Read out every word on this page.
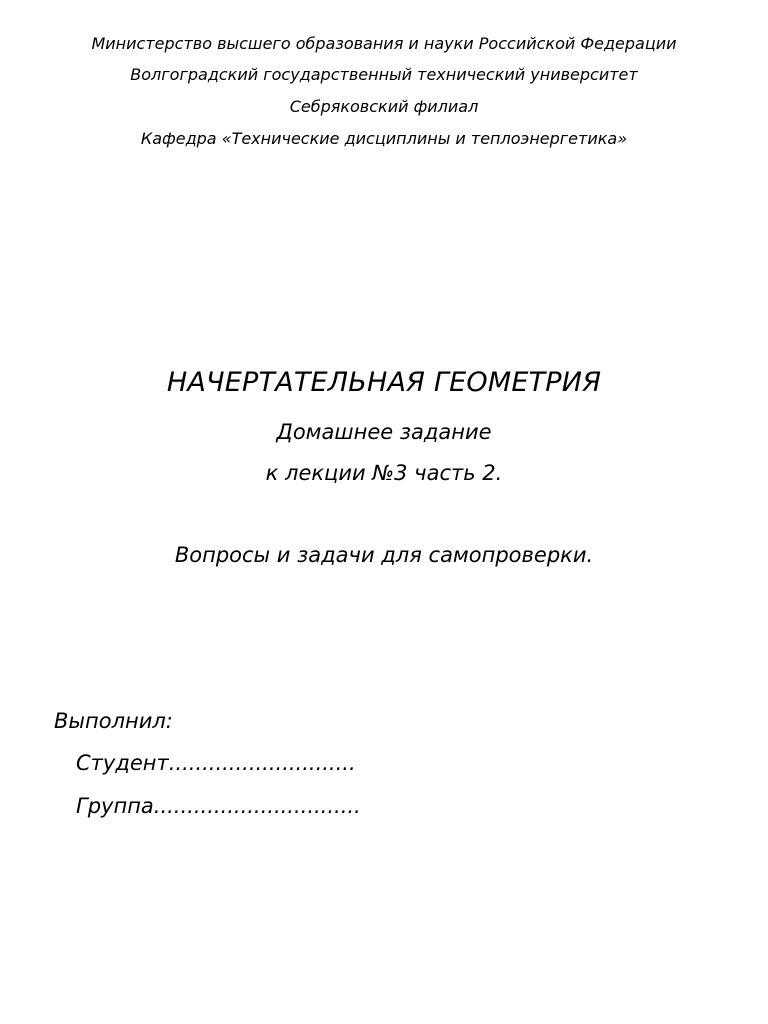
Министерство высшего образования и науки Российской Федерации
Волгоградский государственный технический университет
Себряковский филиал
Кафедра «Технические дисциплины и теплоэнергетика»
НАЧЕРТАТЕЛЬНАЯ ГЕОМЕТРИЯ
Домашнее задание
к лекции №3 часть 2.
Вопросы и задачи для самопроверки.
Выполнил:
Студент............................
Группа...............................
